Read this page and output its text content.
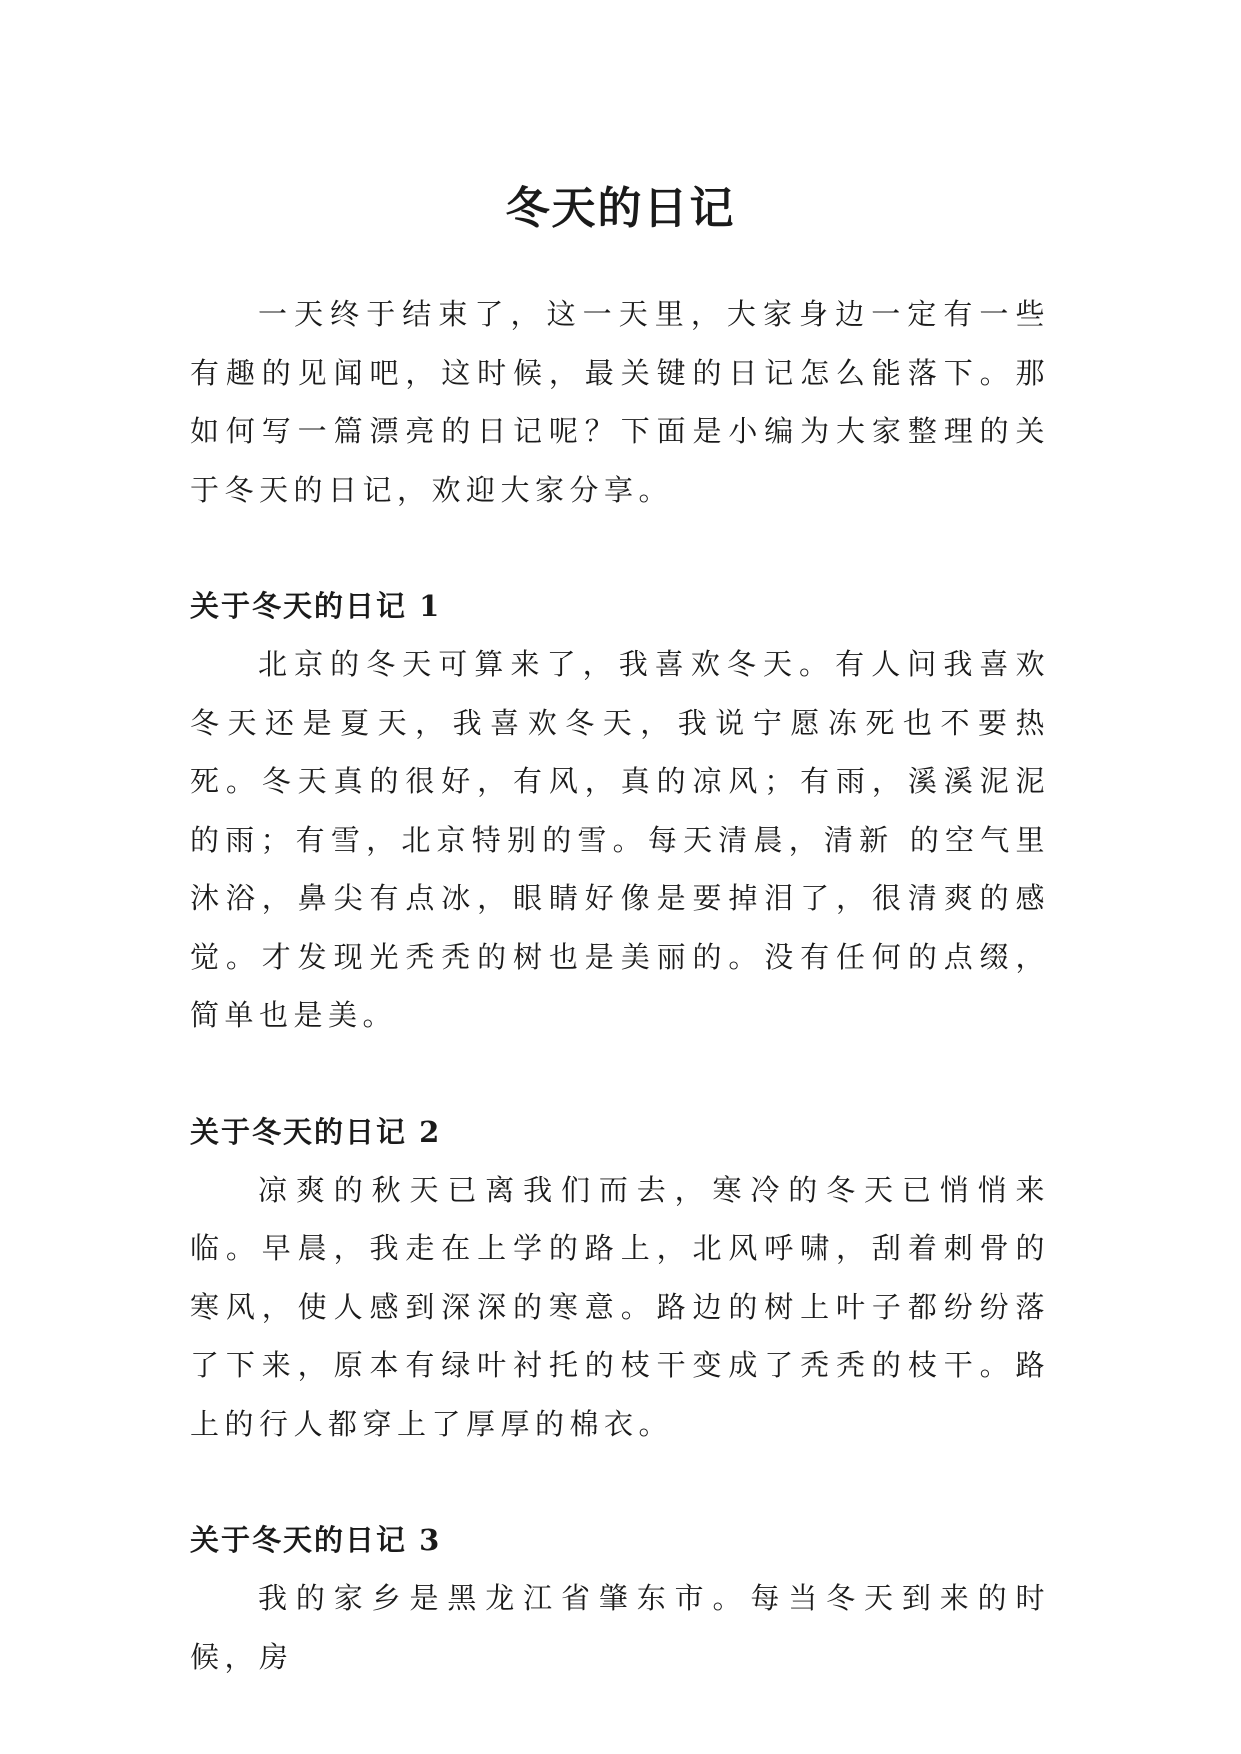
冬天的日记

一天终于结束了，这一天里，大家身边一定有一些有趣的见闻吧，这时候，最关键的日记怎么能落下。那如何写一篇漂亮的日记呢？下面是小编为大家整理的关于冬天的日记，欢迎大家分享。

关于冬天的日记 1

北京的冬天可算来了，我喜欢冬天。有人问我喜欢冬天还是夏天，我喜欢冬天，我说宁愿冻死也不要热死。冬天真的很好，有风，真的凉风；有雨，溪溪泥泥的雨；有雪，北京特别的雪。每天清晨，清新 的空气里沐浴，鼻尖有点冰，眼睛好像是要掉泪了，很清爽的感觉。才发现光秃秃的树也是美丽的。没有任何的点缀，简单也是美。

关于冬天的日记 2

凉爽的秋天已离我们而去，寒冷的冬天已悄悄来临。早晨，我走在上学的路上，北风呼啸，刮着刺骨的寒风，使人感到深深的寒意。路边的树上叶子都纷纷落了下来，原本有绿叶衬托的枝干变成了秃秃的枝干。路上的行人都穿上了厚厚的棉衣。

关于冬天的日记 3

我的家乡是黑龙江省肇东市。每当冬天到来的时候，房
